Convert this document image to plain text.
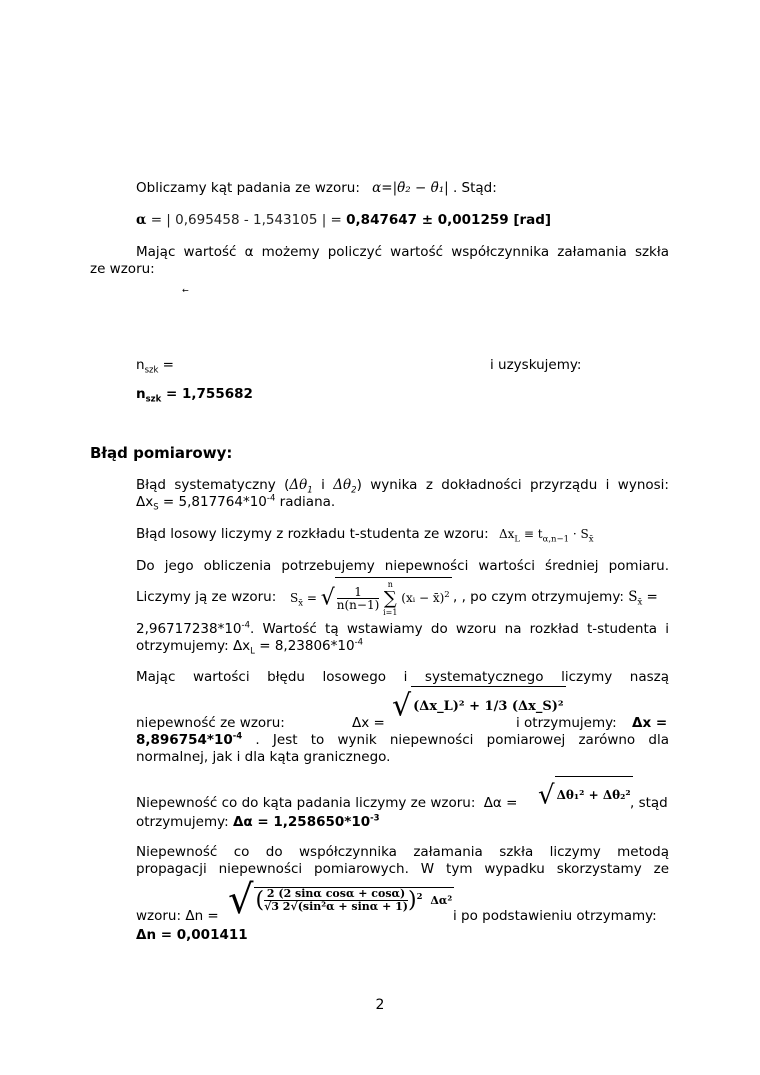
Obliczamy kąt padania ze wzoru: α=|θ̄₂ − θ̄₁| . Stąd:
α = | 0,695458 - 1,543105 | = 0,847647 ± 0,001259 [rad]
Mając wartość α możemy policzyć wartość współczynnika załamania szkła
ze wzoru:
←
$n_{szk}$ =	i uzyskujemy:
$n_{szk} = 1,755682$
Błąd pomiarowy:
Błąd systematyczny ($\Delta\theta_1$ i $\Delta\theta_2$) wynika z dokładności przyrządu i wynosi:
$\Delta x_S = 5,817764*10^{-4}$ radiana.
Błąd losowy liczymy z rozkładu t-studenta ze wzoru: $\Delta x_L \equiv t_{\alpha,n-1} \cdot S_{x̄}$
Do jego obliczenia potrzebujemy niepewności wartości średniej pomiaru.
Liczymy ją ze wzoru: $S_{x̄}$ = √ $\frac{1}{n(n-1)}$

n
∑
i=1
(xᵢ − x̄)$^2$ , , po czym otrzymujemy: $S_{x̄}$ =
$2,96717238*10^{-4}$. Wartość tą wstawiamy do wzoru na rozkład t-studenta i
otrzymujemy: $\Delta x_L = 8,23806*10^{-4}$
Mając wartości błędu losowego i systematycznego liczymy naszą
niepewność ze wzoru:	Δx = √ (Δx_L)² + 1/3 (Δx_S)²
i otrzymujemy: Δx =
$8,896754*10^{-4}$ . Jest to wynik niepewności pomiarowej zarówno dla
normalnej, jak i dla kąta granicznego.
Niepewność co do kąta padania liczymy ze wzoru: Δα = √ Δθ₁² + Δθ₂² , stąd
otrzymujemy: $\Delta\alpha = 1,258650*10^{-3}$
Niepewność co do współczynnika załamania szkła liczymy metodą
propagacji niepewności pomiarowych. W tym wypadku skorzystamy ze
wzoru: Δn = √( $\frac{\text{2 (2 sinα cosα + cosα)}}{\text{√3 2√(sin²α + sinα + 1)}} )^2$ Δα²
i po podstawieniu otrzymamy:
Δn = 0,001411
2
